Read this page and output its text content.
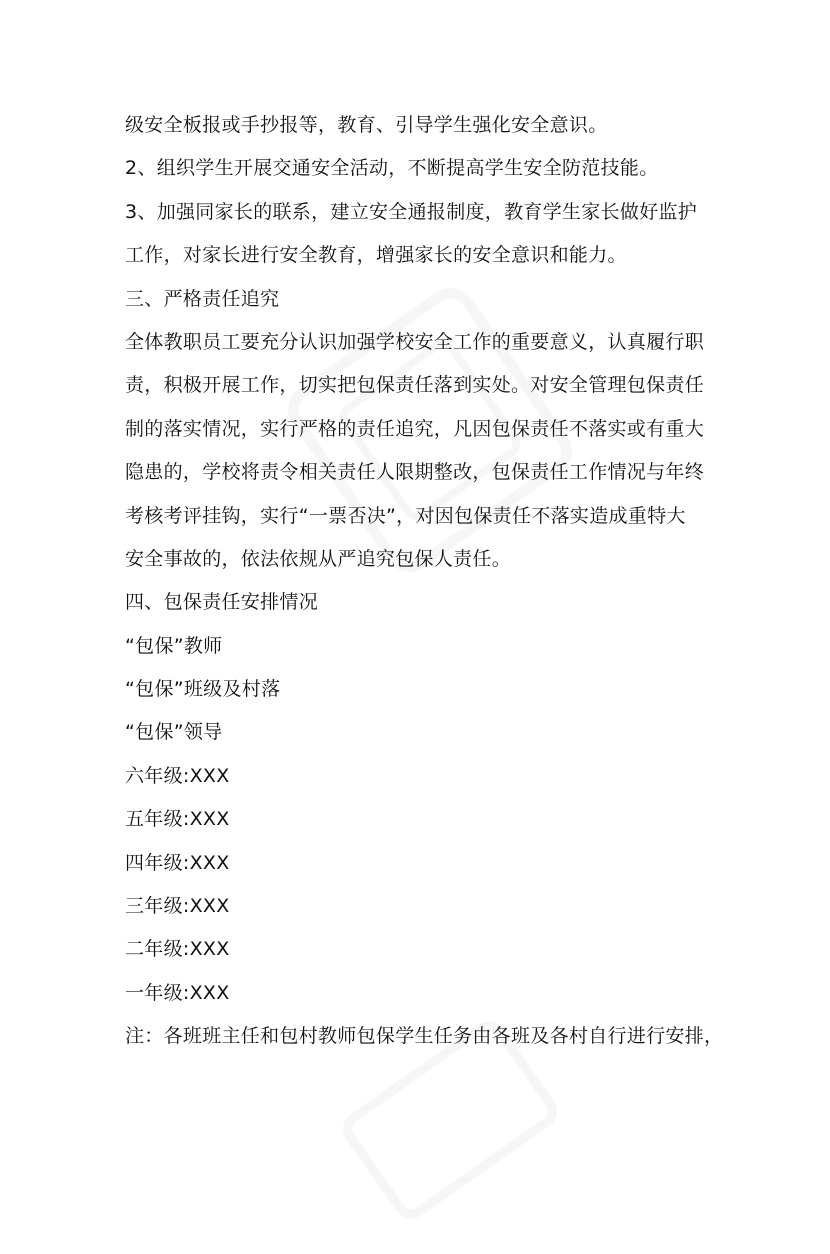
级安全板报或手抄报等，教育、引导学生强化安全意识。
2、组织学生开展交通安全活动，不断提高学生安全防范技能。
3、加强同家长的联系，建立安全通报制度，教育学生家长做好监护
工作，对家长进行安全教育，增强家长的安全意识和能力。
三、严格责任追究
全体教职员工要充分认识加强学校安全工作的重要意义，认真履行职
责，积极开展工作，切实把包保责任落到实处。对安全管理包保责任
制的落实情况，实行严格的责任追究，凡因包保责任不落实或有重大
隐患的，学校将责令相关责任人限期整改，包保责任工作情况与年终
考核考评挂钩，实行“一票否决”，对因包保责任不落实造成重特大
安全事故的，依法依规从严追究包保人责任。
四、包保责任安排情况
“包保”教师
“包保”班级及村落
“包保”领导
六年级:XXX
五年级:XXX
四年级:XXX
三年级:XXX
二年级:XXX
一年级:XXX
注：各班班主任和包村教师包保学生任务由各班及各村自行进行安排，
